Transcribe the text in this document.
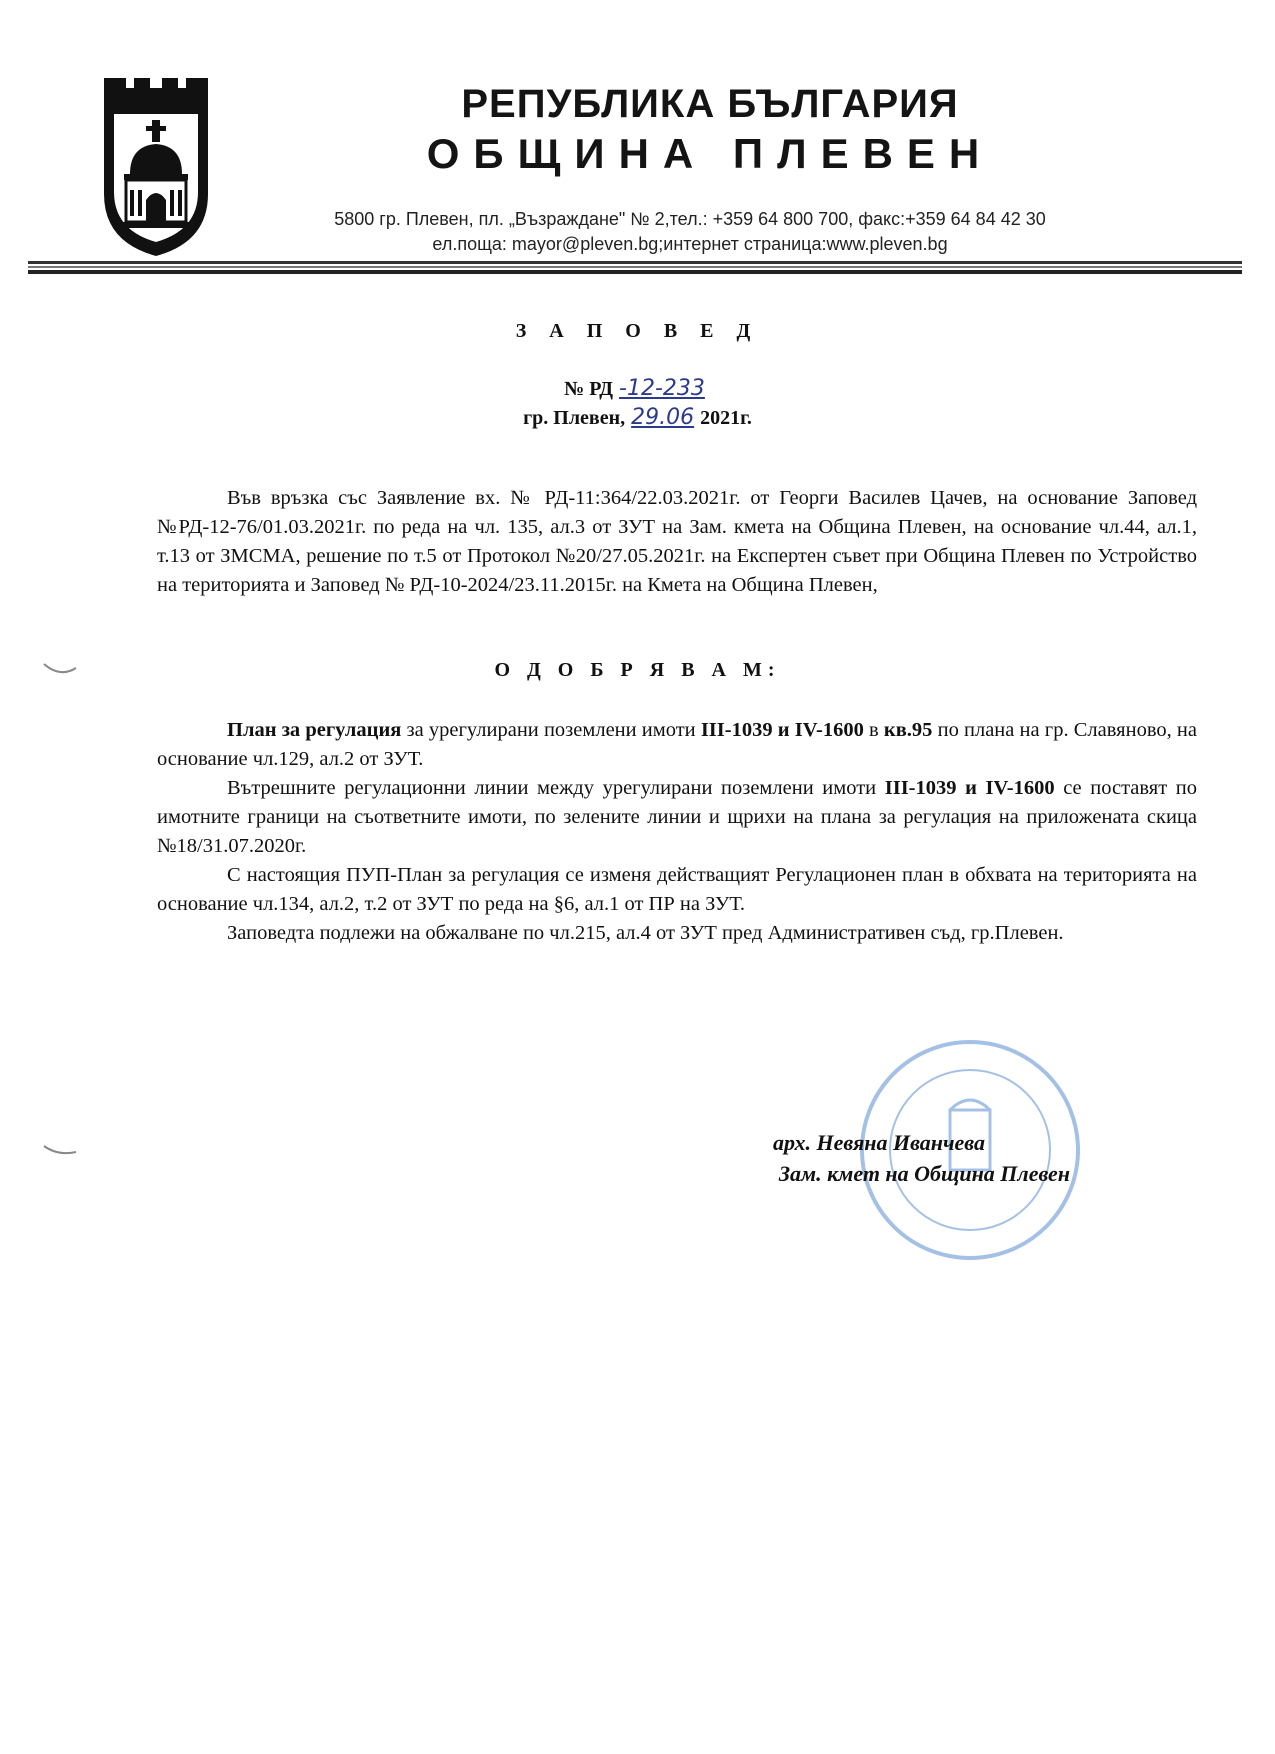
РЕПУБЛИКА БЪЛГАРИЯ
ОБЩИНА ПЛЕВЕН
5800 гр. Плевен, пл. „Възраждане" № 2,тел.: +359 64 800 700, факс:+359 64 84 42 30
ел.поща: mayor@pleven.bg;интернет страница:www.pleven.bg
З А П О В Е Д
№ РД -12-233
гр. Плевен, 29.06 2021г.

Във връзка със Заявление вх. № РД-11:364/22.03.2021г. от Георги Василев Цачев, на основание Заповед №РД-12-76/01.03.2021г. по реда на чл. 135, ал.3 от ЗУТ на Зам. кмета на Община Плевен, на основание чл.44, ал.1, т.13 от ЗМСМА, решение по т.5 от Протокол №20/27.05.2021г. на Експертен съвет при Община Плевен по Устройство на територията и Заповед № РД-10-2024/23.11.2015г. на Кмета на Община Плевен,

О Д О Б Р Я В А М:

План за регулация за урегулирани поземлени имоти III-1039 и IV-1600 в кв.95 по плана на гр. Славяново, на основание чл.129, ал.2 от ЗУТ.

Вътрешните регулационни линии между урегулирани поземлени имоти III-1039 и IV-1600 се поставят по имотните граници на съответните имоти, по зелените линии и щрихи на плана за регулация на приложената скица №18/31.07.2020г.

С настоящия ПУП-План за регулация се изменя действащият Регулационен план в обхвата на територията на основание чл.134, ал.2, т.2 от ЗУТ по реда на §6, ал.1 от ПР на ЗУТ.

Заповедта подлежи на обжалване по чл.215, ал.4 от ЗУТ пред Административен съд, гр.Плевен.

арх. Невяна Иванчева
Зам. кмет на Община Плевен
